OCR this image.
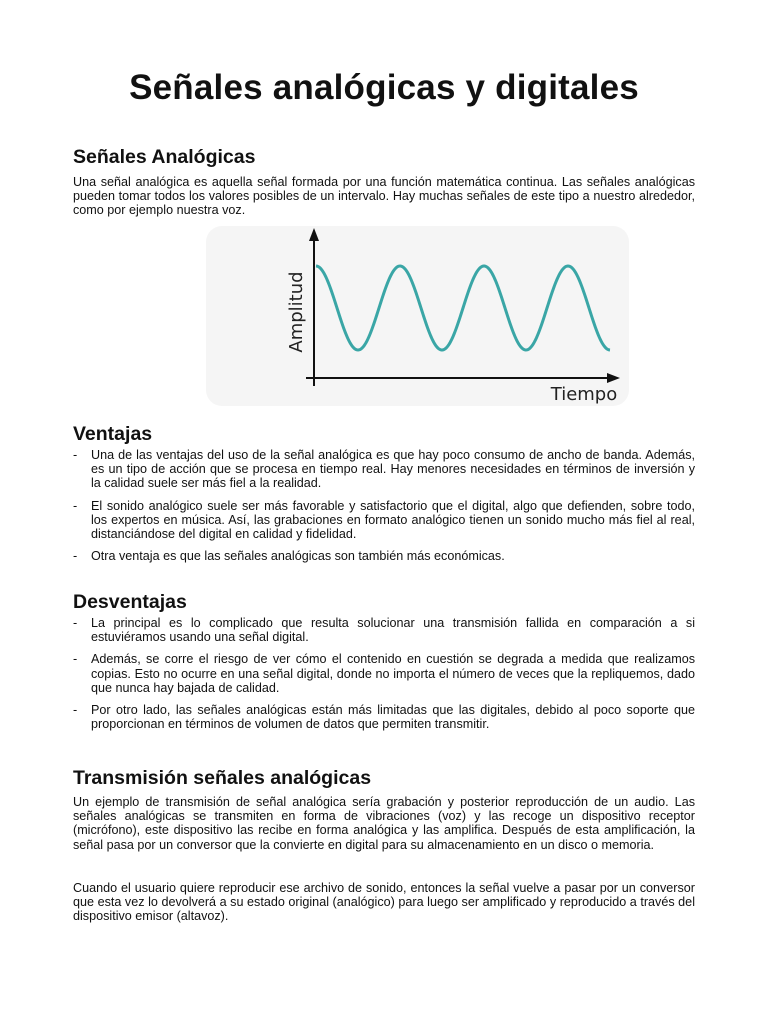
Señales analógicas y digitales
Señales Analógicas

Una señal analógica es aquella señal formada por una función matemática continua. Las señales analógicas pueden tomar todos los valores posibles de un intervalo. Hay muchas señales de este tipo a nuestro alrededor, como por ejemplo nuestra voz.

Amplitud
Tiempo
Ventajas
- Una de las ventajas del uso de la señal analógica es que hay poco consumo de ancho de banda. Además, es un tipo de acción que se procesa en tiempo real. Hay menores necesidades en términos de inversión y la calidad suele ser más fiel a la realidad.
- El sonido analógico suele ser más favorable y satisfactorio que el digital, algo que defienden, sobre todo, los expertos en música. Así, las grabaciones en formato analógico tienen un sonido mucho más fiel al real, distanciándose del digital en calidad y fidelidad.
- Otra ventaja es que las señales analógicas son también más económicas.
Desventajas
- La principal es lo complicado que resulta solucionar una transmisión fallida en comparación a si estuviéramos usando una señal digital.
- Además, se corre el riesgo de ver cómo el contenido en cuestión se degrada a medida que realizamos copias. Esto no ocurre en una señal digital, donde no importa el número de veces que la repliquemos, dado que nunca hay bajada de calidad.
- Por otro lado, las señales analógicas están más limitadas que las digitales, debido al poco soporte que proporcionan en términos de volumen de datos que permiten transmitir.
Transmisión señales analógicas

Un ejemplo de transmisión de señal analógica sería grabación y posterior reproducción de un audio. Las señales analógicas se transmiten en forma de vibraciones (voz) y las recoge un dispositivo receptor (micrófono), este dispositivo las recibe en forma analógica y las amplifica. Después de esta amplificación, la señal pasa por un conversor que la convierte en digital para su almacenamiento en un disco o memoria.

Cuando el usuario quiere reproducir ese archivo de sonido, entonces la señal vuelve a pasar por un conversor que esta vez lo devolverá a su estado original (analógico) para luego ser amplificado y reproducido a través del dispositivo emisor (altavoz).
